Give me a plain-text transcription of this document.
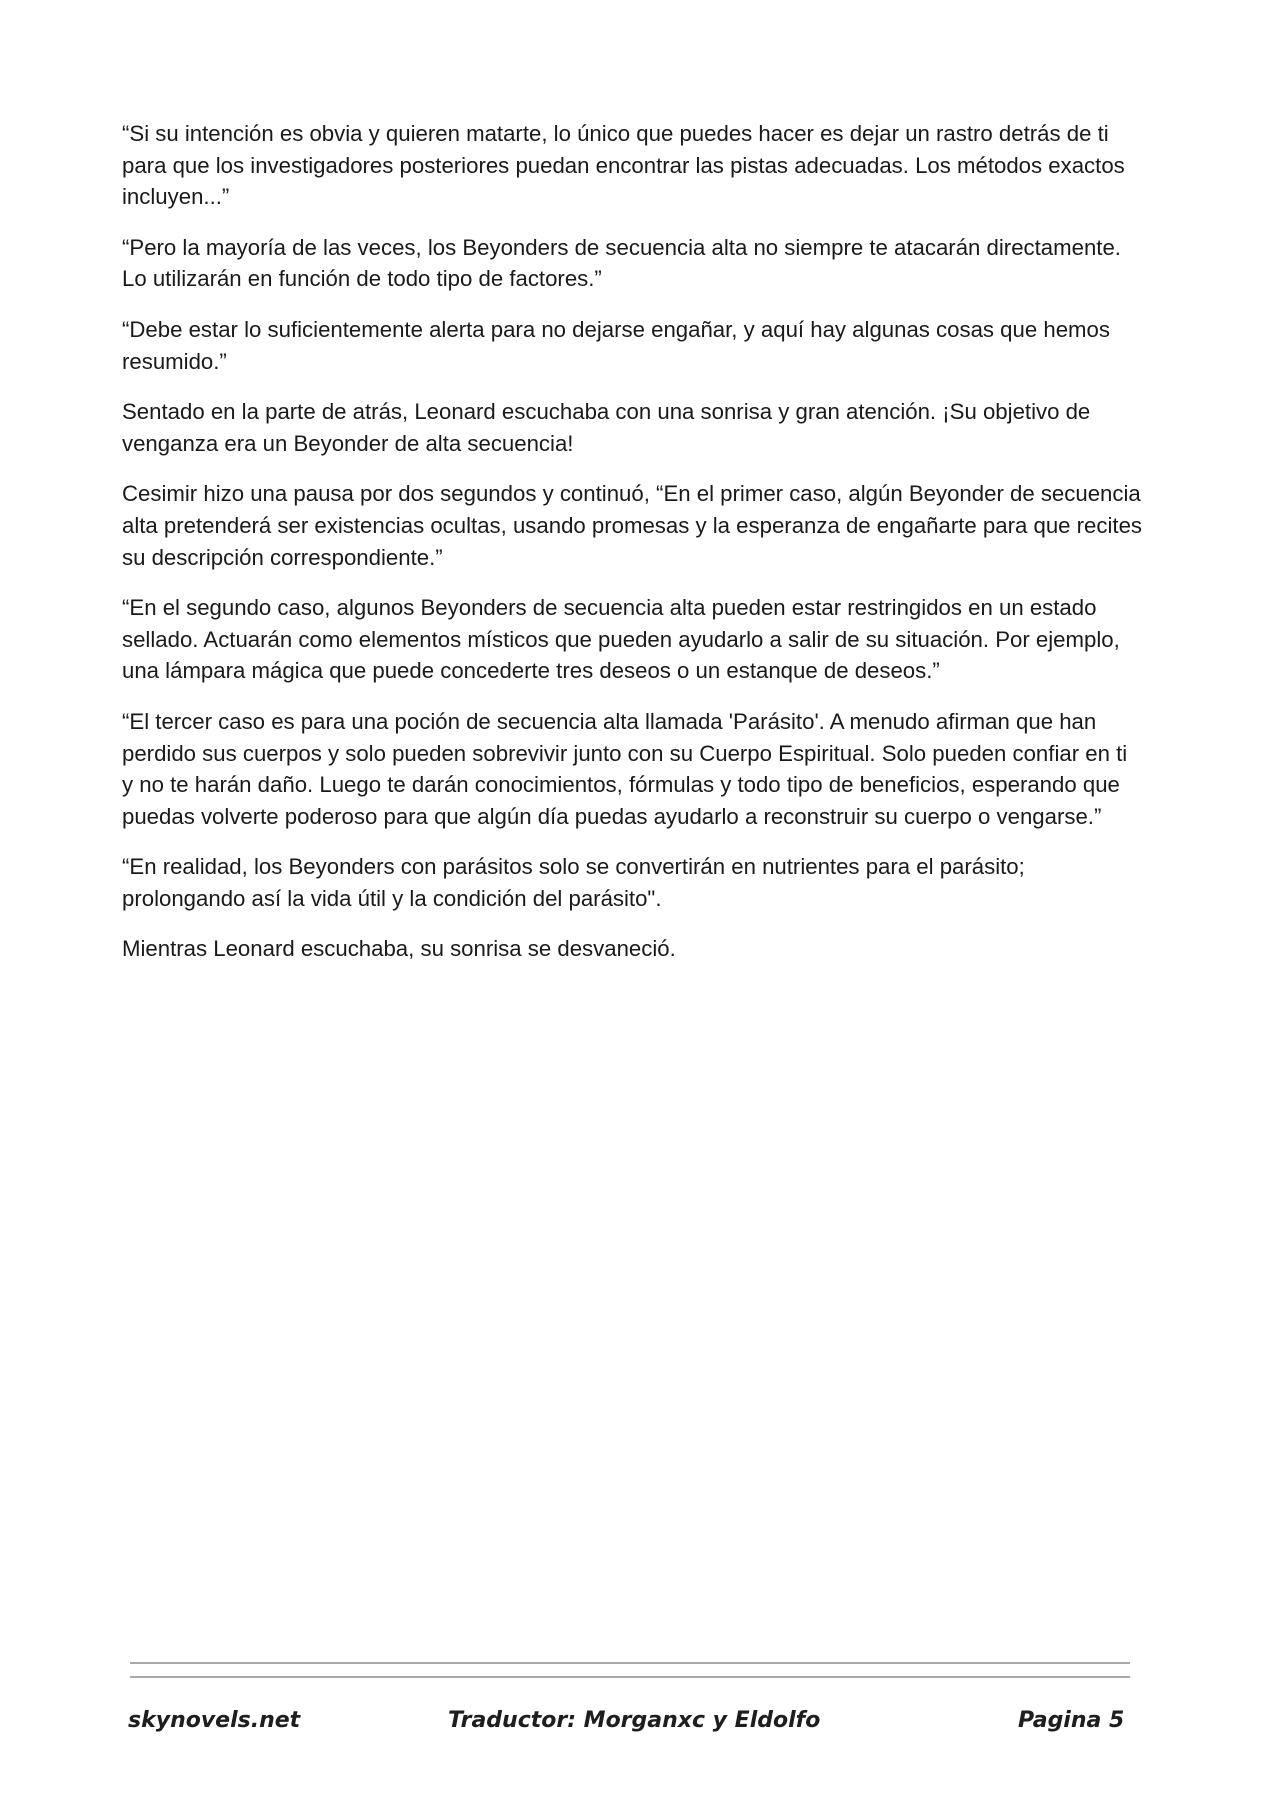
“Si su intención es obvia y quieren matarte, lo único que puedes hacer es dejar un rastro detrás de ti para que los investigadores posteriores puedan encontrar las pistas adecuadas. Los métodos exactos incluyen...”

“Pero la mayoría de las veces, los Beyonders de secuencia alta no siempre te atacarán directamente. Lo utilizarán en función de todo tipo de factores.”

“Debe estar lo suficientemente alerta para no dejarse engañar, y aquí hay algunas cosas que hemos resumido.”

Sentado en la parte de atrás, Leonard escuchaba con una sonrisa y gran atención. ¡Su objetivo de venganza era un Beyonder de alta secuencia!

Cesimir hizo una pausa por dos segundos y continuó, “En el primer caso, algún Beyonder de secuencia alta pretenderá ser existencias ocultas, usando promesas y la esperanza de engañarte para que recites su descripción correspondiente.”

“En el segundo caso, algunos Beyonders de secuencia alta pueden estar restringidos en un estado sellado. Actuarán como elementos místicos que pueden ayudarlo a salir de su situación. Por ejemplo, una lámpara mágica que puede concederte tres deseos o un estanque de deseos.”

“El tercer caso es para una poción de secuencia alta llamada 'Parásito'. A menudo afirman que han perdido sus cuerpos y solo pueden sobrevivir junto con su Cuerpo Espiritual. Solo pueden confiar en ti y no te harán daño. Luego te darán conocimientos, fórmulas y todo tipo de beneficios, esperando que puedas volverte poderoso para que algún día puedas ayudarlo a reconstruir su cuerpo o vengarse.”

“En realidad, los Beyonders con parásitos solo se convertirán en nutrientes para el parásito; prolongando así la vida útil y la condición del parásito".

Mientras Leonard escuchaba, su sonrisa se desvaneció.

skynovels.net	Traductor: Morganxc y Eldolfo	Pagina 5
